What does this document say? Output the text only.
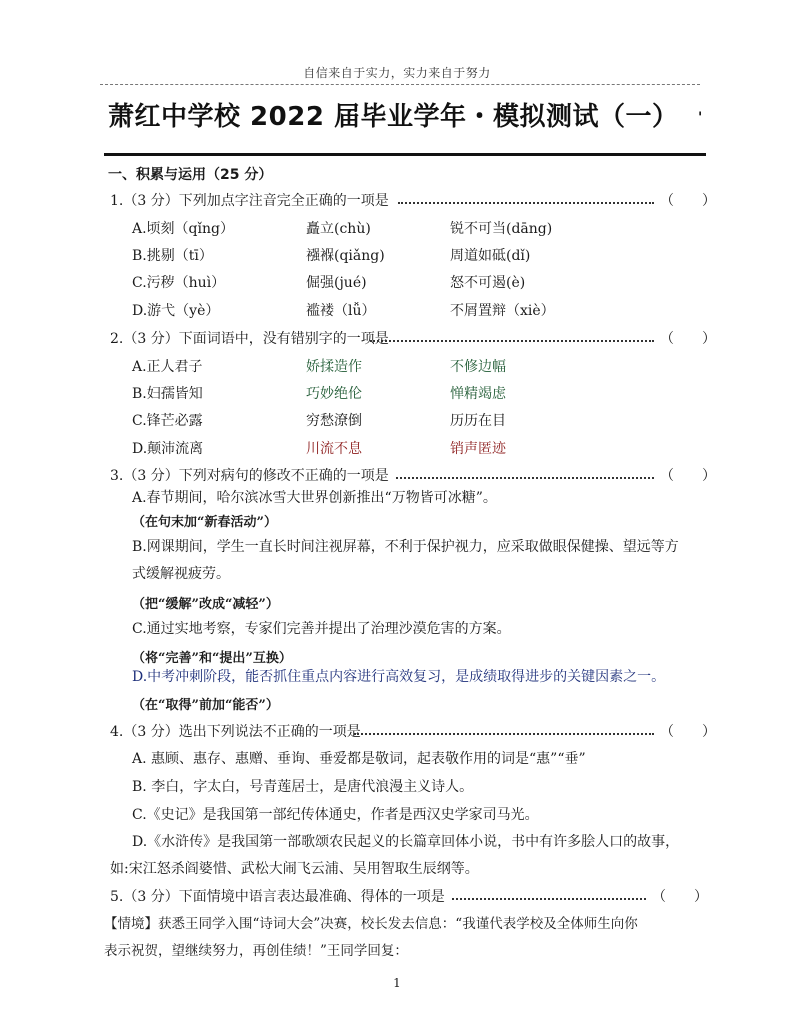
自信来自于实力，实力来自于努力
萧红中学校 2022 届毕业学年・模拟测试（一） '
一、积累与运用（25 分）
1.（3 分）下列加点字注音完全正确的一项是	（　　）
A.顷刻（qǐng）	矗立(chù)	锐不可当(dāng)
B.挑剔（tī）	襁褓(qiǎng)	周道如砥(dǐ)
C.污秽（huì）	倔强(jué)	怒不可遏(è)
D.游弋（yè）	褴褛（lǚ）	不屑置辩（xiè）
2.（3 分）下面词语中，没有错别字的一项是	（　　）
A.正人君子	娇揉造作	不修边幅
B.妇孺皆知	巧妙绝伦	惮精竭虑
C.锋芒必露	穷愁潦倒	历历在目
D.颠沛流离	川流不息	销声匿迹
3.（3 分）下列对病句的修改不正确的一项是	（　　）
A.春节期间，哈尔滨冰雪大世界创新推出“万物皆可冰糖”。
（在句末加“新春活动”）
B.网课期间，学生一直长时间注视屏幕，不利于保护视力，应采取做眼保健操、望远等方
式缓解视疲劳。
（把“缓解”改成“减轻”）
C.通过实地考察，专家们完善并提出了治理沙漠危害的方案。
（将“完善”和“提出”互换）
D.中考冲刺阶段，能否抓住重点内容进行高效复习，是成绩取得进步的关键因素之一。
（在“取得”前加“能否”）
4.（3 分）选出下列说法不正确的一项是	（　　）
A. 惠顾、惠存、惠赠、垂询、垂爱都是敬词，起表敬作用的词是“惠”“垂”
B. 李白，字太白，号青莲居士，是唐代浪漫主义诗人。
C.《史记》是我国第一部纪传体通史，作者是西汉史学家司马光。
D.《水浒传》是我国第一部歌颂农民起义的长篇章回体小说，书中有许多脍人口的故事，
如:宋江怒杀阎婆惜、武松大闹飞云浦、吴用智取生辰纲等。
5.（3 分）下面情境中语言表达最准确、得体的一项是	（　　）
【情境】获悉王同学入围“诗词大会”决赛，校长发去信息：“我谨代表学校及全体师生向你
表示祝贺，望继续努力，再创佳绩！”王同学回复：
1
